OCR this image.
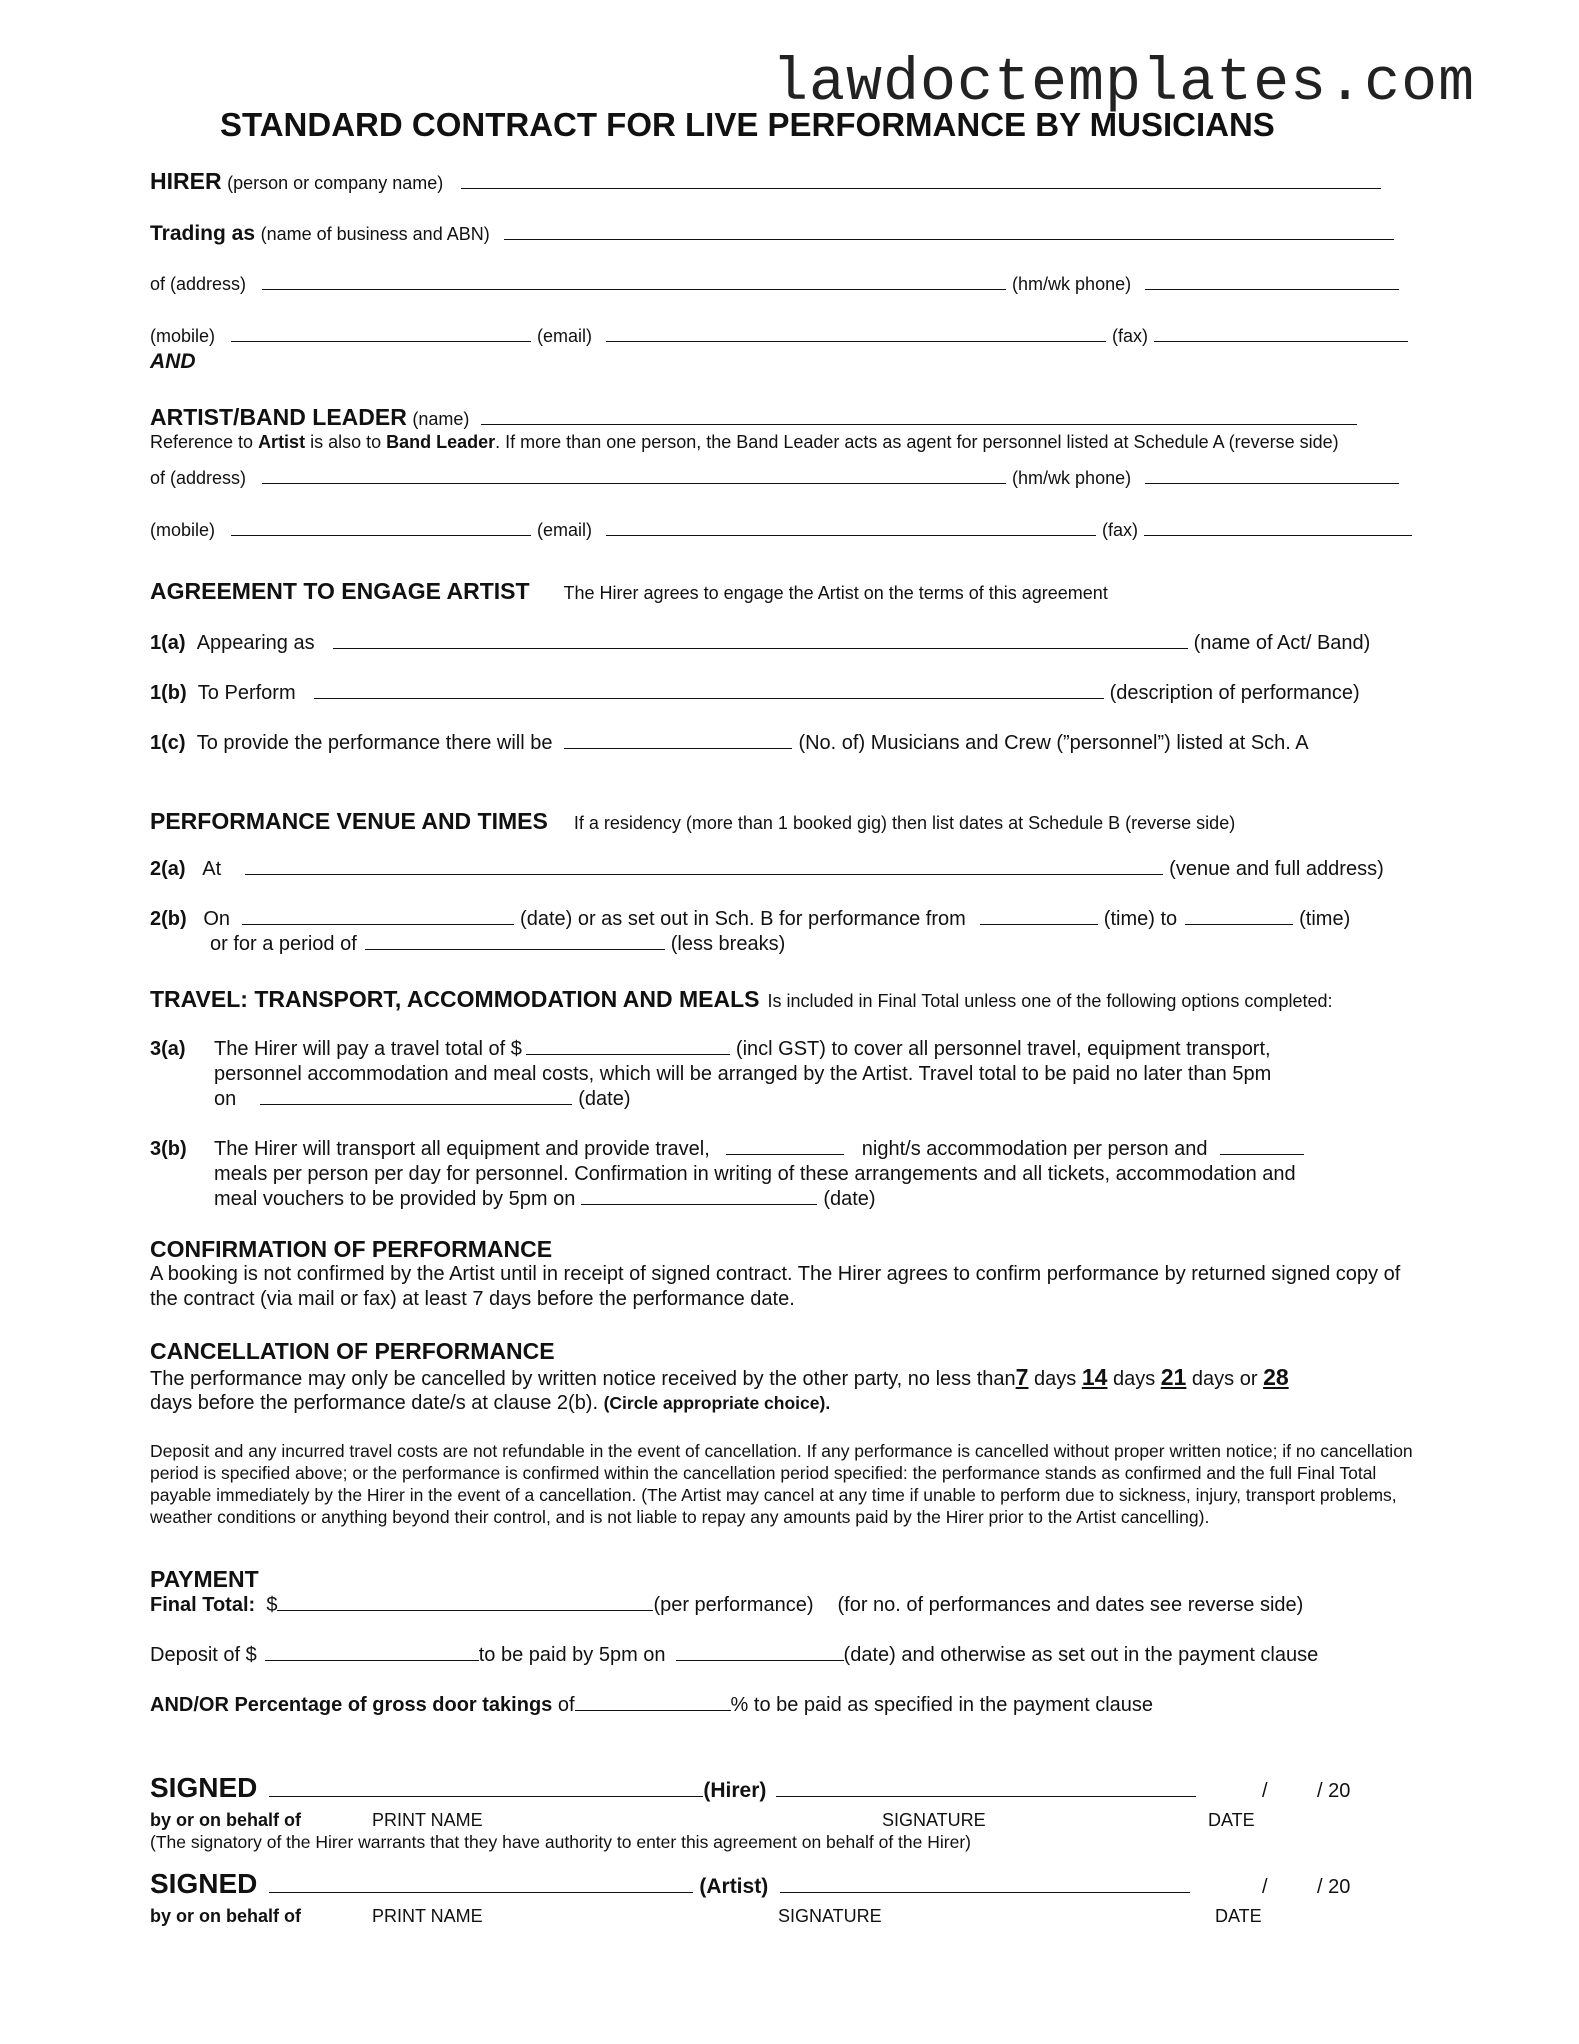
lawdoctemplates.com
STANDARD CONTRACT FOR LIVE PERFORMANCE BY MUSICIANS
HIRER
(person or company name)
Trading as
(name of business and ABN)
of (address)	(hm/wk phone)
(mobile)	(email)	(fax)
AND
ARTIST/BAND LEADER
(name)
Reference to Artist is also to Band Leader. If more than one person, the Band Leader acts as agent for personnel listed at Schedule A (reverse side)
of (address)	(hm/wk phone)
(mobile)	(email)	(fax)
AGREEMENT TO ENGAGE ARTIST The Hirer agrees to engage the Artist on the terms of this agreement
1(a)
Appearing as	(name of Act/ Band)
1(b)
To Perform	(description of performance)
1(c)
To provide the performance there will be	(No. of) Musicians and Crew (”personnel”) listed at Sch. A
PERFORMANCE VENUE AND TIMES If a residency (more than 1 booked gig) then list dates at Schedule B (reverse side)
2(a)
At	(venue and full address)
2(b)
On	(date) or as set out in Sch. B for performance from	(time) to	(time)
or for a period of	(less breaks)
TRAVEL: TRANSPORT, ACCOMMODATION AND MEALS Is included in Final Total unless one of the following options completed:
3(a) The Hirer will pay a travel total of $	(incl GST) to cover all personnel travel, equipment transport,
personnel accommodation and meal costs, which will be arranged by the Artist. Travel total to be paid no later than 5pm
on	(date)
3(b) The Hirer will transport all equipment and provide travel,	night/s accommodation per person and
meals per person per day for personnel. Confirmation in writing of these arrangements and all tickets, accommodation and
meal vouchers to be provided by 5pm on	(date)
CONFIRMATION OF PERFORMANCE
A booking is not confirmed by the Artist until in receipt of signed contract. The Hirer agrees to confirm performance by returned signed copy of the contract (via mail or fax) at least 7 days before the performance date.
CANCELLATION OF PERFORMANCE
The performance may only be cancelled by written notice received by the other party, no less than 7 days 14 days 21 days or 28
days before the performance date/s at clause 2(b). (Circle appropriate choice).
Deposit and any incurred travel costs are not refundable in the event of cancellation. If any performance is cancelled without proper written notice; if no cancellation period is specified above; or the performance is confirmed within the cancellation period specified: the performance stands as confirmed and the full Final Total payable immediately by the Hirer in the event of a cancellation. (The Artist may cancel at any time if unable to perform due to sickness, injury, transport problems, weather conditions or anything beyond their control, and is not liable to repay any amounts paid by the Hirer prior to the Artist cancelling).
PAYMENT
Final Total:
$	(per performance) (for no. of performances and dates see reverse side)
Deposit of $	to be paid by 5pm on	(date) and otherwise as set out in the payment clause
AND/OR Percentage of gross door takings
of	% to be paid as specified in the payment clause
SIGNED	(Hirer)	/ / 20
by or on behalf of	PRINT NAME	SIGNATURE	DATE
(The signatory of the Hirer warrants that they have authority to enter this agreement on behalf of the Hirer)
SIGNED	(Artist)	/ / 20
by or on behalf of	PRINT NAME	SIGNATURE	DATE
